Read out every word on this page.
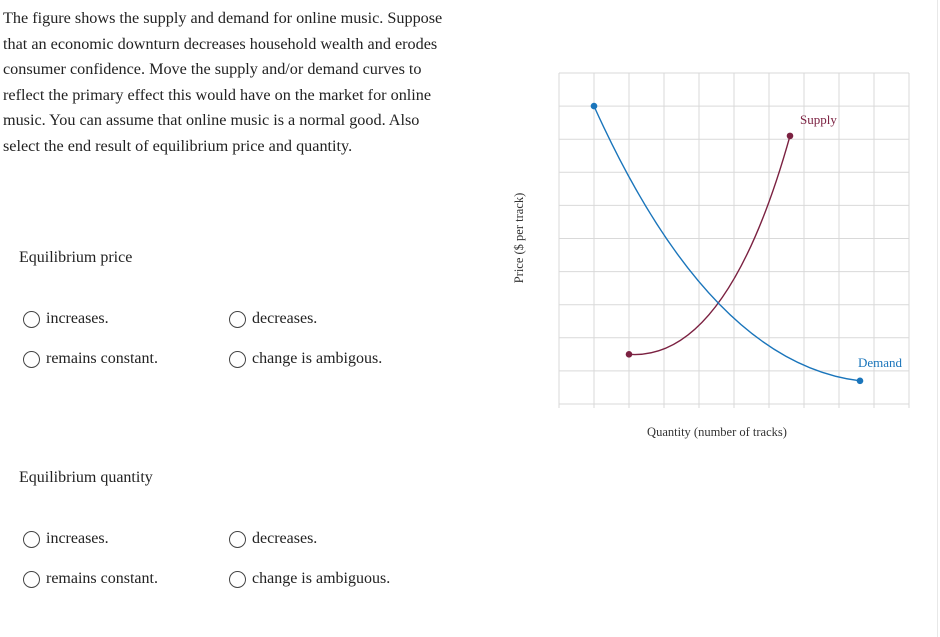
The figure shows the supply and demand for online music. Suppose that an economic downturn decreases household wealth and erodes consumer confidence. Move the supply and/or demand curves to reflect the primary effect this would have on the market for online music. You can assume that online music is a normal good. Also select the end result of equilibrium price and quantity.

Equilibrium price

increases.	decreases.
remains constant.	change is ambigous.

Equilibrium quantity

increases.	decreases.
remains constant.	change is ambiguous.
Price ($ per track)
Quantity (number of tracks)
Supply
Demand
